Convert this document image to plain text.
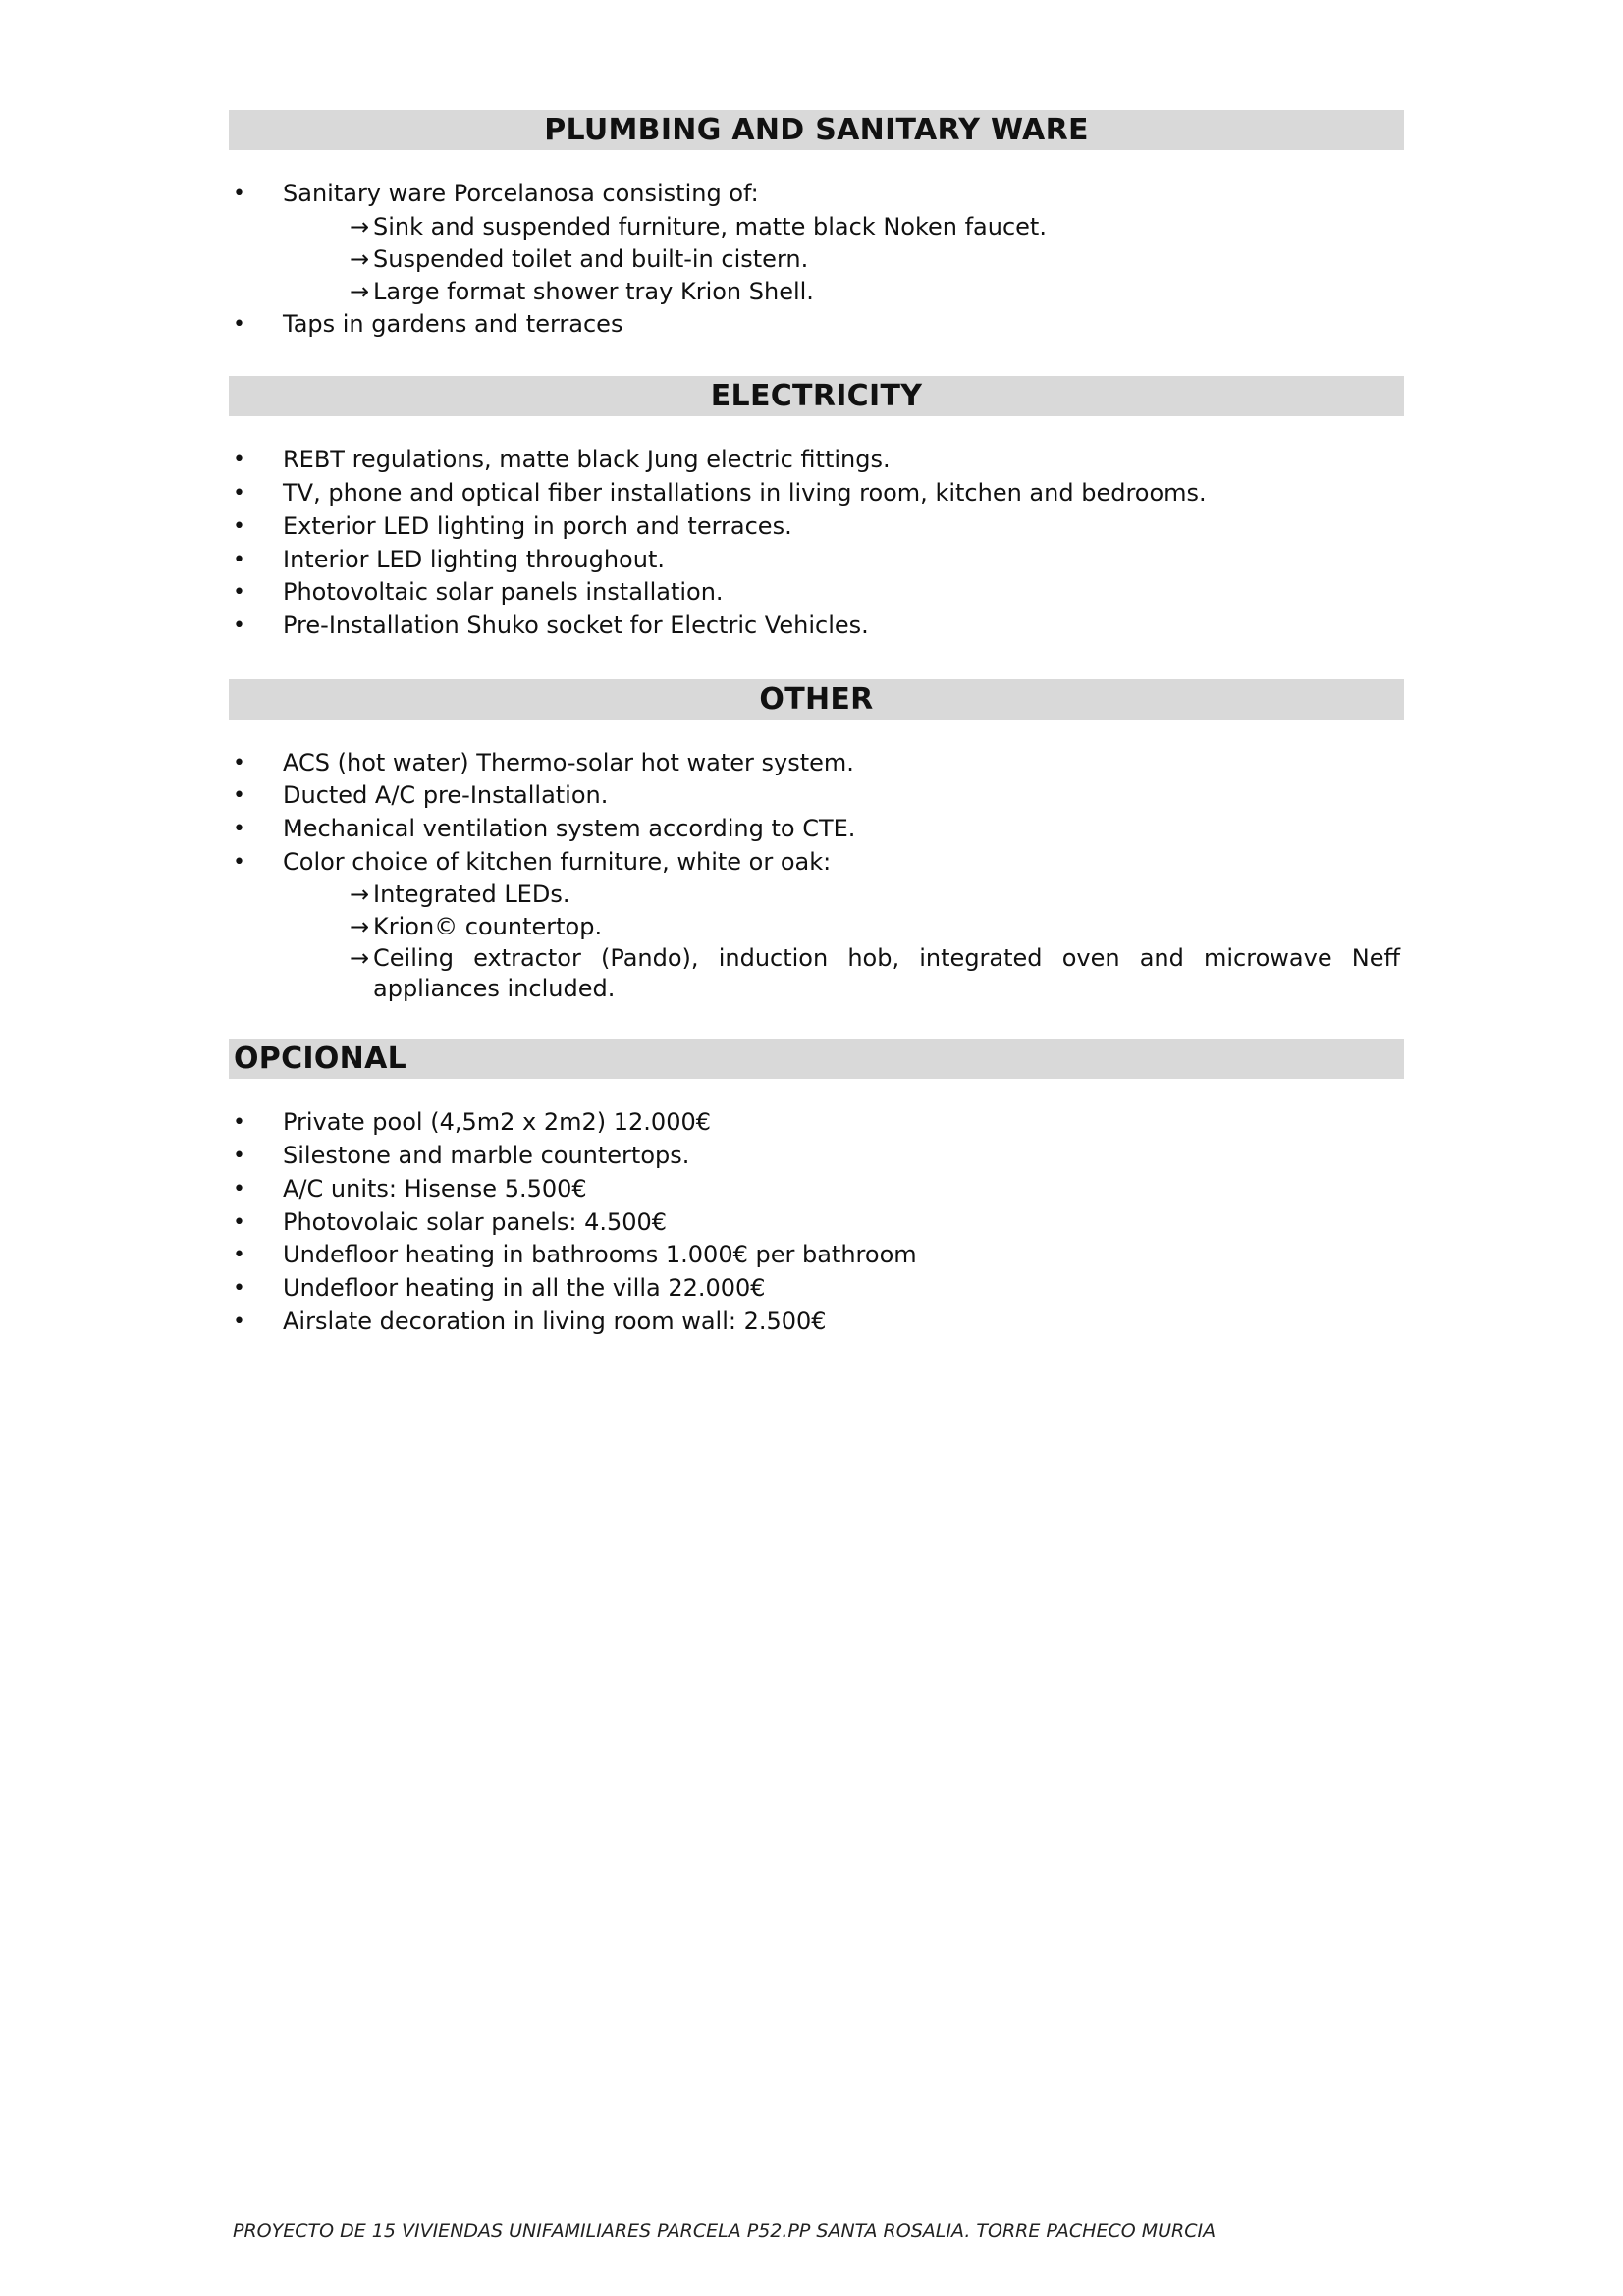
PLUMBING AND SANITARY WARE
• Sanitary ware Porcelanosa consisting of:
→ Sink and suspended furniture, matte black Noken faucet.
→ Suspended toilet and built-in cistern.
→ Large format shower tray Krion Shell.
• Taps in gardens and terraces
ELECTRICITY
• REBT regulations, matte black Jung electric fittings.
• TV, phone and optical fiber installations in living room, kitchen and bedrooms.
• Exterior LED lighting in porch and terraces.
• Interior LED lighting throughout.
• Photovoltaic solar panels installation.
• Pre-Installation Shuko socket for Electric Vehicles.
OTHER
• ACS (hot water) Thermo-solar hot water system.
• Ducted A/C pre-Installation.
• Mechanical ventilation system according to CTE.
• Color choice of kitchen furniture, white or oak:
→ Integrated LEDs.
→ Krion© countertop.
→ Ceiling extractor (Pando), induction hob, integrated oven and microwave Neff appliances included.
OPCIONAL
• Private pool (4,5m2 x 2m2) 12.000€
• Silestone and marble countertops.
• A/C units: Hisense 5.500€
• Photovolaic solar panels: 4.500€
• Undefloor heating in bathrooms 1.000€ per bathroom
• Undefloor heating in all the villa 22.000€
• Airslate decoration in living room wall: 2.500€
PROYECTO DE 15 VIVIENDAS UNIFAMILIARES PARCELA P52.PP SANTA ROSALIA. TORRE PACHECO MURCIA
